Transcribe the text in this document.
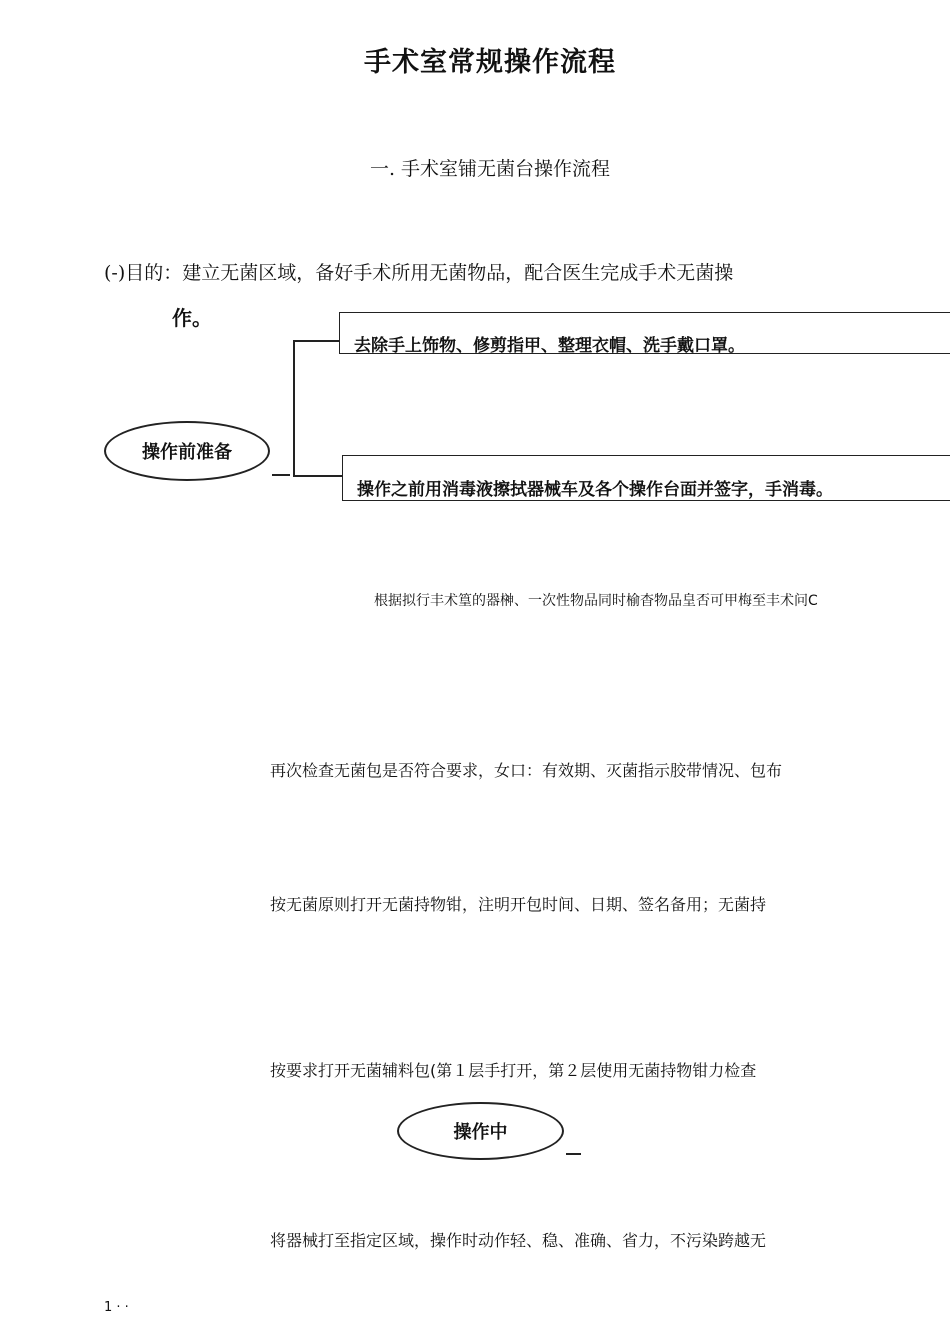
手术室常规操作流程
一. 手术室铺无菌台操作流程
(-)目的：建立无菌区域，备好手术所用无菌物品，配合医生完成手术无菌操
作。
操作前准备
去除手上饰物、修剪指甲、整理衣帽、洗手戴口罩。
操作之前用消毒液擦拭器械车及各个操作台面并签字，手消毒。
根据拟行丰术篁的器榊、一次性物品同时榆杳物品皇否可甲梅至丰术问C
再次检查无菌包是否符合要求，女口：有效期、灭菌指示胶带情况、包布
按无菌原则打开无菌持物钳，注明开包时间、日期、签名备用；无菌持
按要求打开无菌辅料包(第１层手打开，第２层使用无菌持物钳力检查
操作中
将器械打至指定区域，操作时动作轻、稳、准确、省力，不污染跨越无
1 · ·
